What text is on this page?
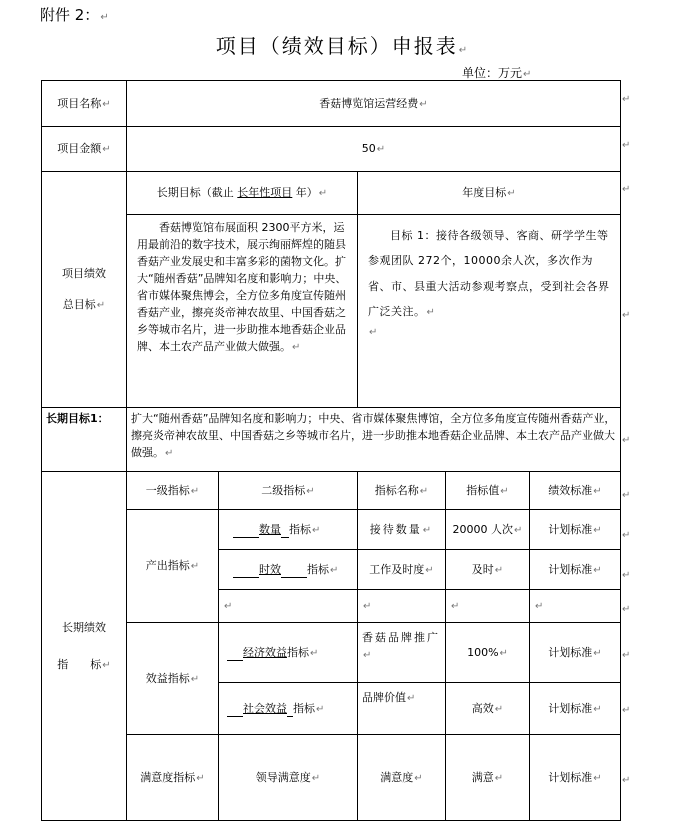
附件 2：↵
项目（绩效目标）申报表↵
单位：万元↵
项目名称↵	香菇博览馆运营经费↵				
项目金额↵	50↵				

项目绩效
总目标↵	长期目标（截止 长年性项目 年）↵		年度目标↵		
	香菇博览馆布展面积 2300平方米，运用最前沿的数字技术，展示绚丽辉煌的随县香菇产业发展史和丰富多彩的菌物文化。扩大“随州香菇”品牌知名度和影响力；中央、省市媒体聚焦博会，全方位多角度宣传随州香菇产业，擦亮炎帝神农故里、中国香菇之乡等城市名片，进一步助推本地香菇企业品牌、本土农产品产业做大做强。↵		目标 1：接待各级领导、客商、研学学生等参观团队 272个，10000余人次，多次作为省、市、县重大活动参观考察点，受到社会各界广泛关注。↵
↵		

长期目标1：	扩大“随州香菇”品牌知名度和影响力；中央、省市媒体聚焦博馆，全方位多角度宣传随州香菇产业，擦亮炎帝神农故里、中国香菇之乡等城市名片，进一步助推本地香菇企业品牌、本土农产品产业做大做强。↵				

长期绩效
指　　标↵	一级指标↵	二级指标↵	指标名称↵	指标值↵	绩效标准↵
	产出指标↵	数量 指标↵	接待数量↵	20000 人次↵	计划标准↵
		时效 指标↵	工作及时度↵	及时↵	计划标准↵
		↵	↵	↵	↵
	效益指标↵	经济效益指标↵	香菇品牌推广↵	100%↵	计划标准↵
		社会效益 指标↵	品牌价值↵	高效↵	计划标准↵
	满意度指标↵	领导满意度↵	满意度↵	满意↵	计划标准↵
↵
↵
↵
↵
↵
↵
↵
↵
↵
↵
↵
↵
